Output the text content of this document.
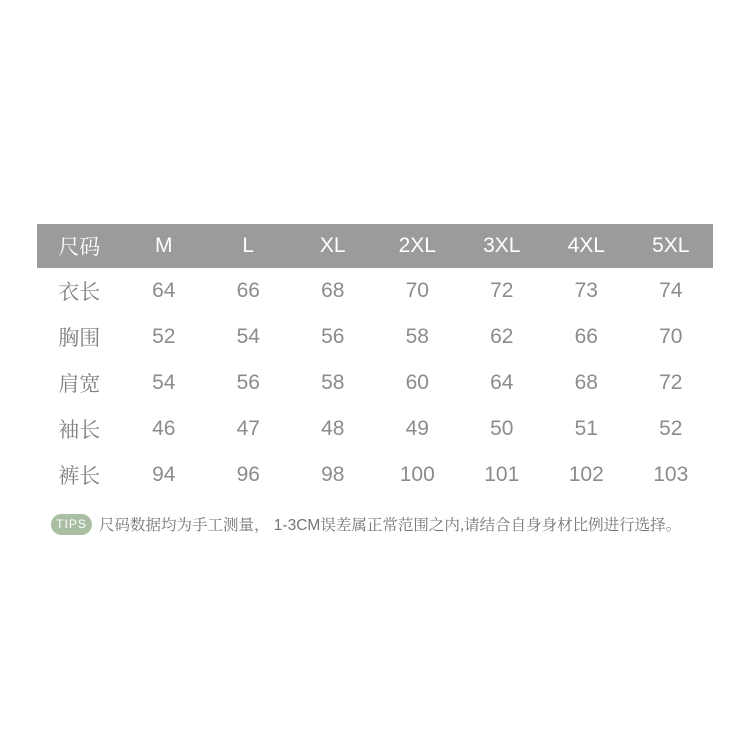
尺码	M	L	XL	2XL	3XL	4XL	5XL
衣长	64	66	68	70	72	73	74
胸围	52	54	56	58	62	66	70
肩宽	54	56	58	60	64	68	72
袖长	46	47	48	49	50	51	52
裤长	94	96	98	100	101	102	103
TIPS 尺码数据均为手工测量， 1-3CM误差属正常范围之内,请结合自身身材比例进行选择。
